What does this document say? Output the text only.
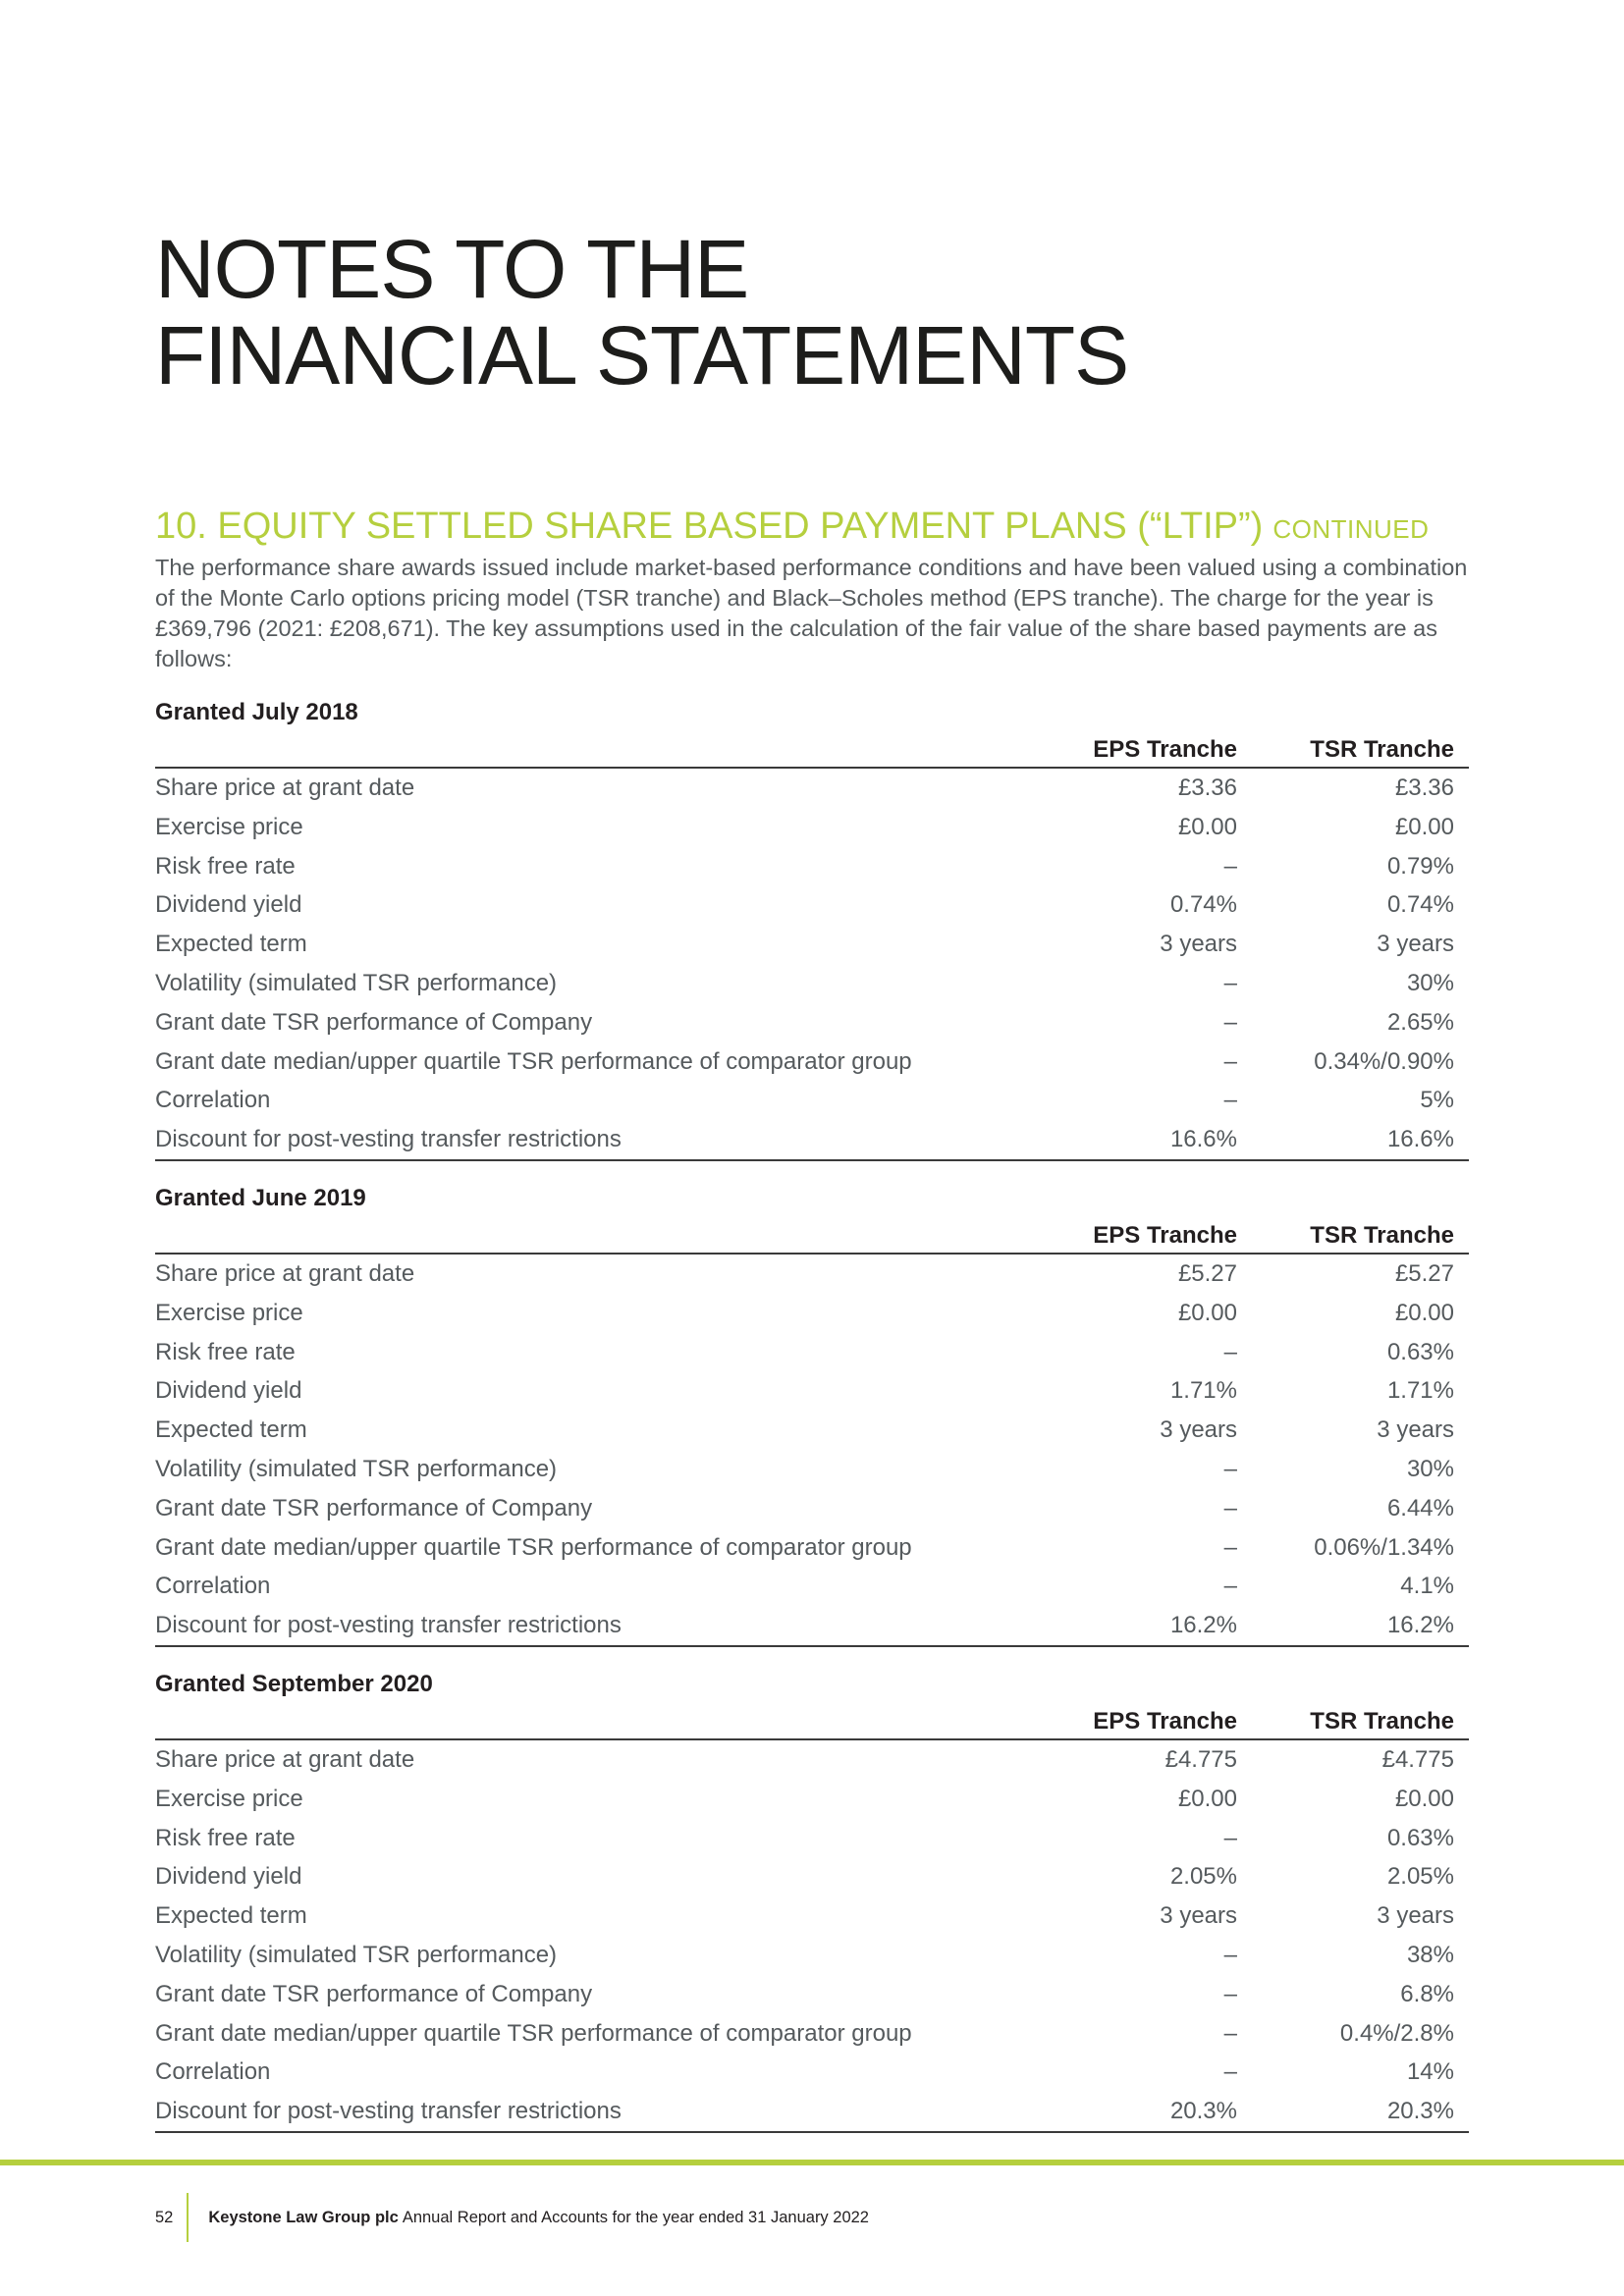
NOTES TO THE
FINANCIAL STATEMENTS
10. EQUITY SETTLED SHARE BASED PAYMENT PLANS (“LTIP”) CONTINUED

The performance share awards issued include market-based performance conditions and have been valued using a combination of the Monte Carlo options pricing model (TSR tranche) and Black–Scholes method (EPS tranche). The charge for the year is £369,796 (2021: £208,671). The key assumptions used in the calculation of the fair value of the share based payments are as follows:

Granted July 2018
EPS Tranche	TSR Tranche
Share price at grant date	£3.36	£3.36
Exercise price	£0.00	£0.00
Risk free rate	–	0.79%
Dividend yield	0.74%	0.74%
Expected term	3 years	3 years
Volatility (simulated TSR performance)	–	30%
Grant date TSR performance of Company	–	2.65%
Grant date median/upper quartile TSR performance of comparator group	–	0.34%/0.90%
Correlation	–	5%
Discount for post-vesting transfer restrictions	16.6%	16.6%
Granted June 2019
EPS Tranche	TSR Tranche
Share price at grant date	£5.27	£5.27
Exercise price	£0.00	£0.00
Risk free rate	–	0.63%
Dividend yield	1.71%	1.71%
Expected term	3 years	3 years
Volatility (simulated TSR performance)	–	30%
Grant date TSR performance of Company	–	6.44%
Grant date median/upper quartile TSR performance of comparator group	–	0.06%/1.34%
Correlation	–	4.1%
Discount for post-vesting transfer restrictions	16.2%	16.2%
Granted September 2020
EPS Tranche	TSR Tranche
Share price at grant date	£4.775	£4.775
Exercise price	£0.00	£0.00
Risk free rate	–	0.63%
Dividend yield	2.05%	2.05%
Expected term	3 years	3 years
Volatility (simulated TSR performance)	–	38%
Grant date TSR performance of Company	–	6.8%
Grant date median/upper quartile TSR performance of comparator group	–	0.4%/2.8%
Correlation	–	14%
Discount for post-vesting transfer restrictions	20.3%	20.3%
52	Keystone Law Group plc Annual Report and Accounts for the year ended 31 January 2022
